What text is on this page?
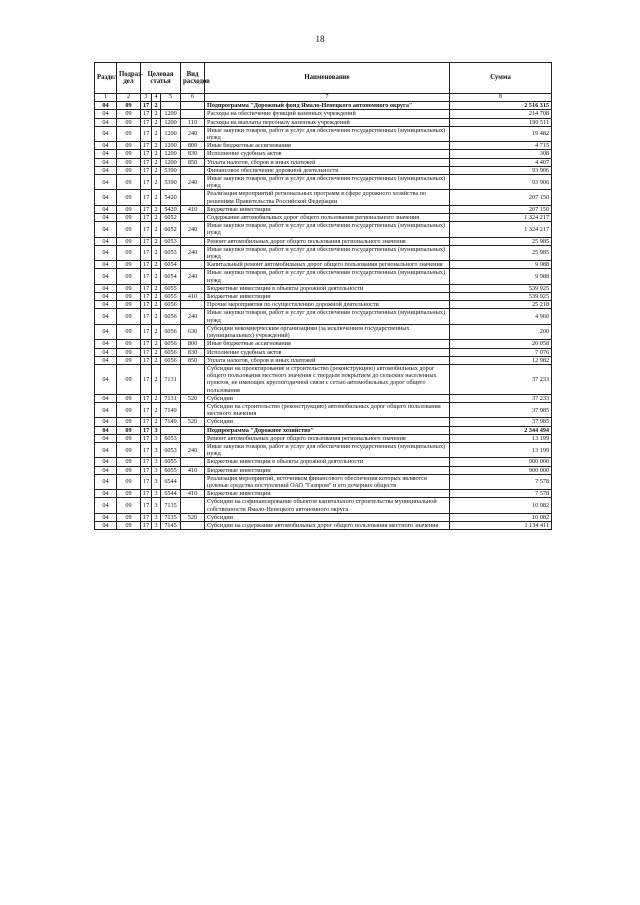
18
Раздел	Подраз-дел	Целевая статья			Вид расходов	Наименование	Сумма
1	2	3	4	5	6	7	8
04	09	17	2			Подпрограмма "Дорожный фонд Ямало-Ненецкого автономного округа"	2 516 315
04	09	17	2	1200		Расходы на обеспечение функций казенных учреждений	214 708
04	09	17	2	1200	110	Расходы на выплаты персоналу казенных учреждений	190 511
04	09	17	2	1200	240	Иные закупки товаров, работ и услуг для обеспечения государственных (муниципальных) нужд	19 482
04	09	17	2	1200	800	Иные бюджетные ассигнования	4 715
04	09	17	2	1200	830	Исполнение судебных актов	308
04	09	17	2	1200	850	Уплата налогов, сборов и иных платежей	4 407
04	09	17	2	5390		Финансовое обеспечение дорожной деятельности	93 906
04	09	17	2	5390	240	Иные закупки товаров, работ и услуг для обеспечения государственных (муниципальных) нужд	93 906
04	09	17	2	5420		Реализация мероприятий региональных программ в сфере дорожного хозяйства по решениям Правительства Российской Федерации	207 150
04	09	17	2	5420	410	Бюджетные инвестиции	207 150
04	09	17	2	6052		Содержание автомобильных дорог общего пользования регионального значения	1 324 217
04	09	17	2	6052	240	Иные закупки товаров, работ и услуг для обеспечения государственных (муниципальных) нужд	1 324 217
04	09	17	2	6053		Ремонт автомобильных дорог общего пользования регионального значения	25 985
04	09	17	2	6053	240	Иные закупки товаров, работ и услуг для обеспечения государственных (муниципальных) нужд	25 985
04	09	17	2	6054		Капитальный ремонт автомобильных дорог общего пользования регионального значения	9 988
04	09	17	2	6054	240	Иные закупки товаров, работ и услуг для обеспечения государственных (муниципальных) нужд	9 988
04	09	17	2	6055		Бюджетные инвестиции в объекты дорожной деятельности	539 925
04	09	17	2	6055	410	Бюджетные инвестиции	539 925
04	09	17	2	6056		Прочие мероприятия по осуществлению дорожной деятельности	25 218
04	09	17	2	6056	240	Иные закупки товаров, работ и услуг для обеспечения государственных (муниципальных) нужд	4 960
04	09	17	2	6056	630	Субсидии некоммерческим организациям (за исключением государственных (муниципальных) учреждений)	200
04	09	17	2	6056	800	Иные бюджетные ассигнования	20 058
04	09	17	2	6056	830	Исполнение судебных актов	7 076
04	09	17	2	6056	850	Уплата налогов, сборов и иных платежей	12 982
04	09	17	2	7131		Субсидии на проектирование и строительство (реконструкцию) автомобильных дорог общего пользования местного значения с твердым покрытием до сельских населенных пунктов, не имеющих круглогодичной связи с сетью автомобильных дорог общего пользования	37 233
04	09	17	2	7131	520	Субсидии	37 233
04	09	17	2	7149		Субсидии на строительство (реконструкцию) автомобильных дорог общего пользования местного значения	37 985
04	09	17	2	7149	520	Субсидии	37 985
04	09	17	3			Подпрограмма "Дорожное хозяйство"	2 344 494
04	09	17	3	6053		Ремонт автомобильных дорог общего пользования регионального значения	13 199
04	09	17	3	6053	240	Иные закупки товаров, работ и услуг для обеспечения государственных (муниципальных) нужд	13 199
04	09	17	3	6055		Бюджетные инвестиции в объекты дорожной деятельности	900 000
04	09	17	3	6055	410	Бюджетные инвестиции	900 000
04	09	17	3	6544		Реализация мероприятий, источником финансового обеспечения которых являются целевые средства поступлений ОАО "Газпром" и его дочерних обществ	7 578
04	09	17	3	6544	410	Бюджетные инвестиции	7 578
04	09	17	3	7135		Субсидии на софинансирование объектов капитального строительства муниципальной собственности Ямало-Ненецкого автономного округа	10 082
04	09	17	3	7135	520	Субсидии	10 082
04	09	17	3	7145		Субсидии на содержание автомобильных дорог общего пользования местного значения	1 134 411
